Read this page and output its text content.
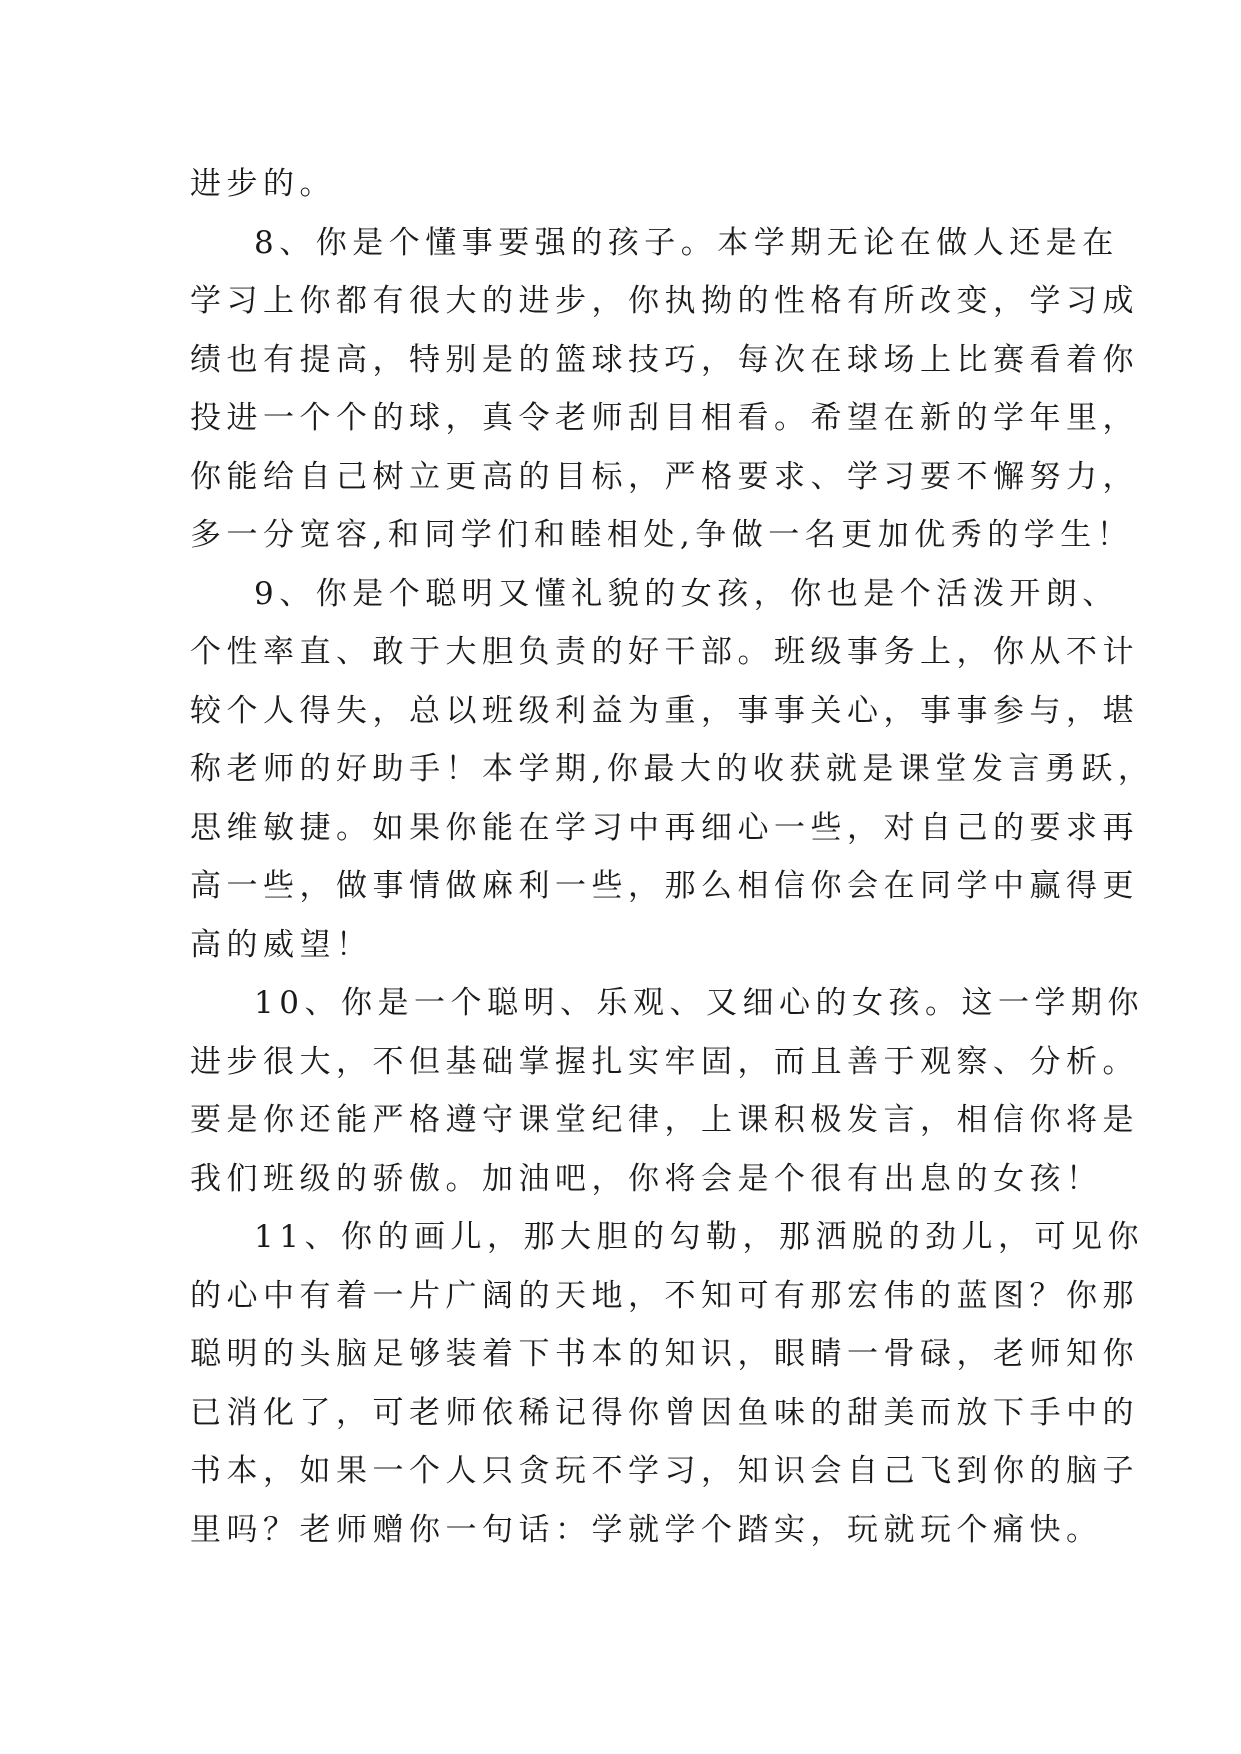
进步的。
8、你是个懂事要强的孩子。本学期无论在做人还是在
学习上你都有很大的进步，你执拗的性格有所改变，学习成
绩也有提高，特别是的篮球技巧，每次在球场上比赛看着你
投进一个个的球，真令老师刮目相看。希望在新的学年里，
你能给自己树立更高的目标，严格要求、学习要不懈努力，
多一分宽容,和同学们和睦相处,争做一名更加优秀的学生！
9、你是个聪明又懂礼貌的女孩，你也是个活泼开朗、
个性率直、敢于大胆负责的好干部。班级事务上，你从不计
较个人得失，总以班级利益为重，事事关心，事事参与，堪
称老师的好助手！本学期,你最大的收获就是课堂发言勇跃，
思维敏捷。如果你能在学习中再细心一些，对自己的要求再
高一些，做事情做麻利一些，那么相信你会在同学中赢得更
高的威望！
10、你是一个聪明、乐观、又细心的女孩。这一学期你
进步很大，不但基础掌握扎实牢固，而且善于观察、分析。
要是你还能严格遵守课堂纪律，上课积极发言，相信你将是
我们班级的骄傲。加油吧，你将会是个很有出息的女孩！
11、你的画儿，那大胆的勾勒，那洒脱的劲儿，可见你
的心中有着一片广阔的天地，不知可有那宏伟的蓝图？你那
聪明的头脑足够装着下书本的知识，眼睛一骨碌，老师知你
已消化了，可老师依稀记得你曾因鱼味的甜美而放下手中的
书本，如果一个人只贪玩不学习，知识会自己飞到你的脑子
里吗？老师赠你一句话：学就学个踏实，玩就玩个痛快。
